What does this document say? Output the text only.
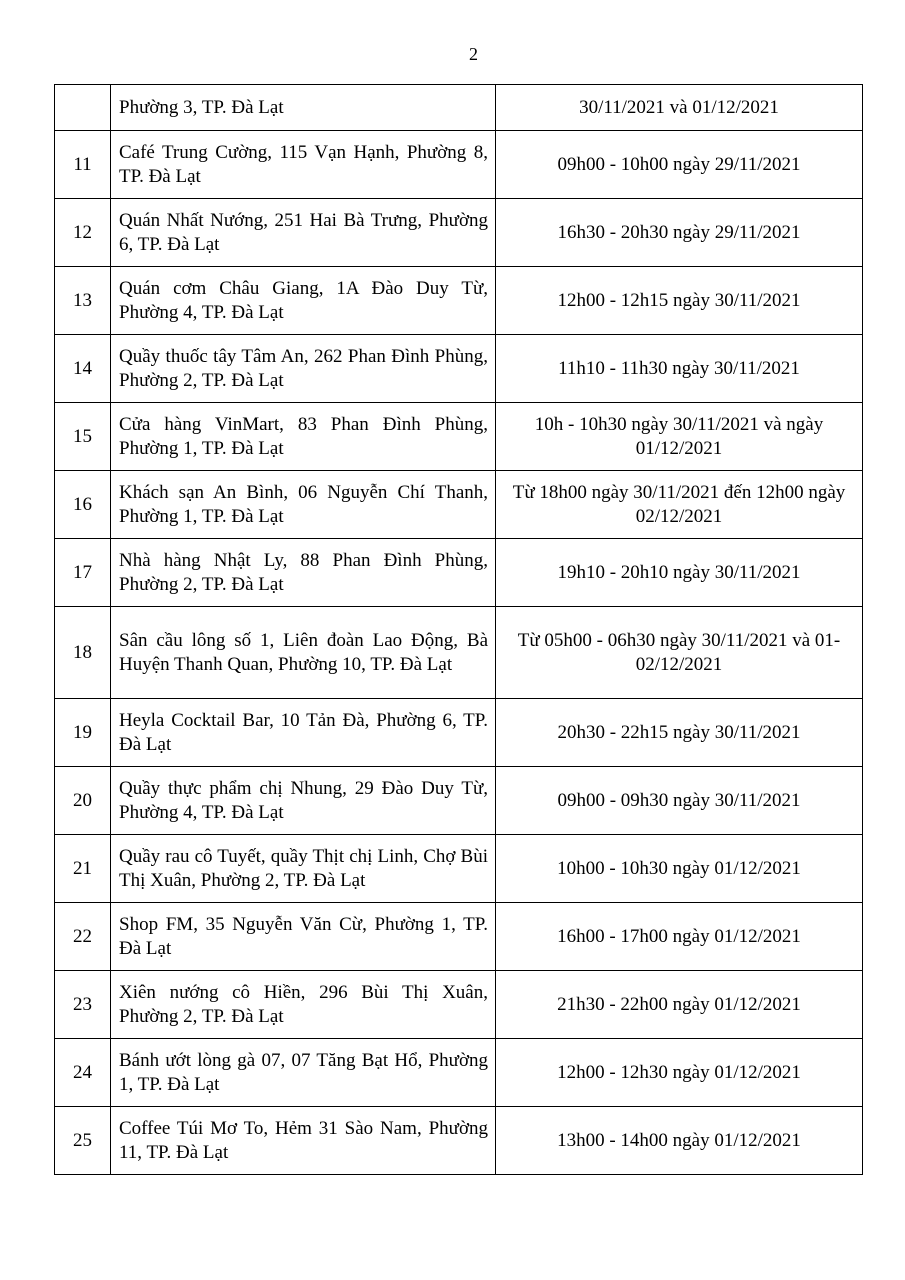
2
	Phường 3, TP. Đà Lạt	30/11/2021 và 01/12/2021
11	Café Trung Cường, 115 Vạn Hạnh, Phường 8, TP. Đà Lạt	09h00 - 10h00 ngày 29/11/2021
12	Quán Nhất Nướng, 251 Hai Bà Trưng, Phường 6, TP. Đà Lạt	16h30 - 20h30 ngày 29/11/2021
13	Quán cơm Châu Giang, 1A Đào Duy Từ, Phường 4, TP. Đà Lạt	12h00 - 12h15 ngày 30/11/2021
14	Quầy thuốc tây Tâm An, 262 Phan Đình Phùng, Phường 2, TP. Đà Lạt	11h10 - 11h30 ngày 30/11/2021
15	Cửa hàng VinMart, 83 Phan Đình Phùng, Phường 1, TP. Đà Lạt	10h - 10h30 ngày 30/11/2021 và ngày 01/12/2021
16	Khách sạn An Bình, 06 Nguyễn Chí Thanh, Phường 1, TP. Đà Lạt	Từ 18h00 ngày 30/11/2021 đến 12h00 ngày 02/12/2021
17	Nhà hàng Nhật Ly, 88 Phan Đình Phùng, Phường 2, TP. Đà Lạt	19h10 - 20h10 ngày 30/11/2021
18	Sân cầu lông số 1, Liên đoàn Lao Động, Bà Huyện Thanh Quan, Phường 10, TP. Đà Lạt	Từ 05h00 - 06h30 ngày 30/11/2021 và 01-02/12/2021
19	Heyla Cocktail Bar, 10 Tản Đà, Phường 6, TP. Đà Lạt	20h30 - 22h15 ngày 30/11/2021
20	Quầy thực phẩm chị Nhung, 29 Đào Duy Từ, Phường 4, TP. Đà Lạt	09h00 - 09h30 ngày 30/11/2021
21	Quầy rau cô Tuyết, quầy Thịt chị Linh, Chợ Bùi Thị Xuân, Phường 2, TP. Đà Lạt	10h00 - 10h30 ngày 01/12/2021
22	Shop FM, 35 Nguyễn Văn Cừ, Phường 1, TP. Đà Lạt	16h00 - 17h00 ngày 01/12/2021
23	Xiên nướng cô Hiền, 296 Bùi Thị Xuân, Phường 2, TP. Đà Lạt	21h30 - 22h00 ngày 01/12/2021
24	Bánh ướt lòng gà 07, 07 Tăng Bạt Hổ, Phường 1, TP. Đà Lạt	12h00 - 12h30 ngày 01/12/2021
25	Coffee Túi Mơ To, Hẻm 31 Sào Nam, Phường 11, TP. Đà Lạt	13h00 - 14h00 ngày 01/12/2021
